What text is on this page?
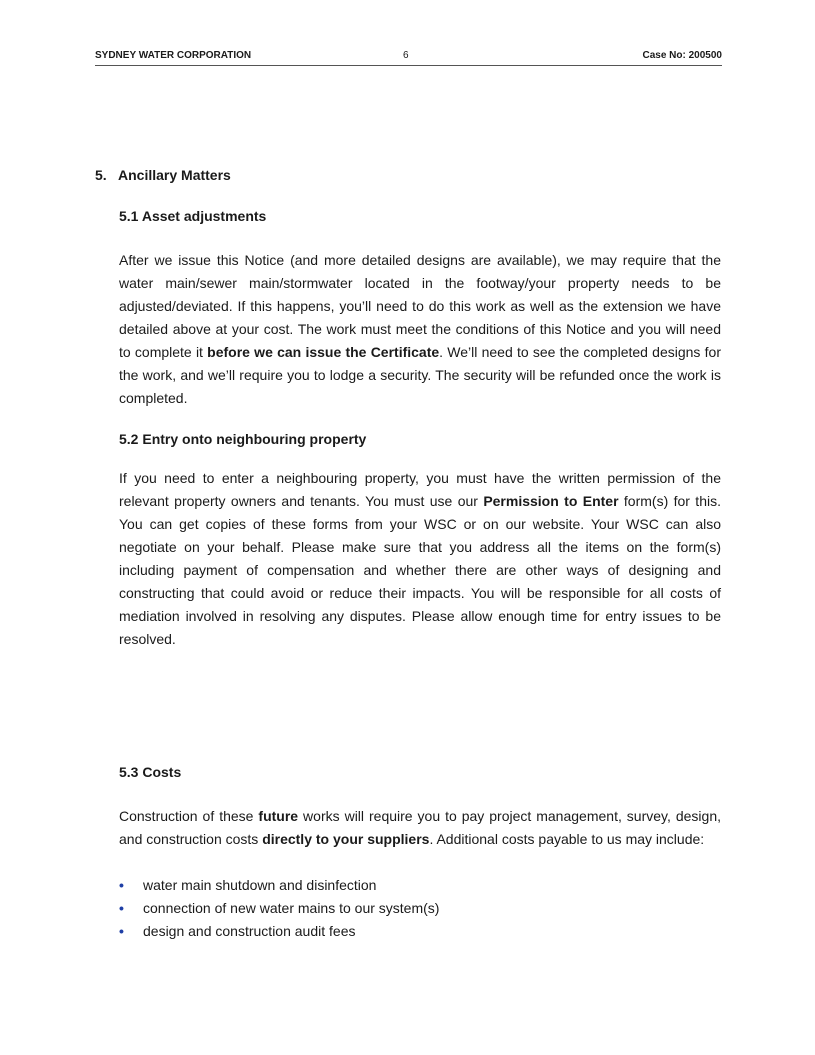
SYDNEY WATER CORPORATION	6	Case No: 200500
5. Ancillary Matters
5.1 Asset adjustments

After we issue this Notice (and more detailed designs are available), we may require that the water main/sewer main/stormwater located in the footway/your property needs to be adjusted/deviated. If this happens, you’ll need to do this work as well as the extension we have detailed above at your cost. The work must meet the conditions of this Notice and you will need to complete it before we can issue the Certificate. We’ll need to see the completed designs for the work, and we’ll require you to lodge a security. The security will be refunded once the work is completed.

5.2 Entry onto neighbouring property

If you need to enter a neighbouring property, you must have the written permission of the relevant property owners and tenants. You must use our Permission to Enter form(s) for this. You can get copies of these forms from your WSC or on our website. Your WSC can also negotiate on your behalf. Please make sure that you address all the items on the form(s) including payment of compensation and whether there are other ways of designing and constructing that could avoid or reduce their impacts. You will be responsible for all costs of mediation involved in resolving any disputes. Please allow enough time for entry issues to be resolved.

5.3 Costs

Construction of these future works will require you to pay project management, survey, design, and construction costs directly to your suppliers. Additional costs payable to us may include:

• water main shutdown and disinfection
• connection of new water mains to our system(s)
• design and construction audit fees
